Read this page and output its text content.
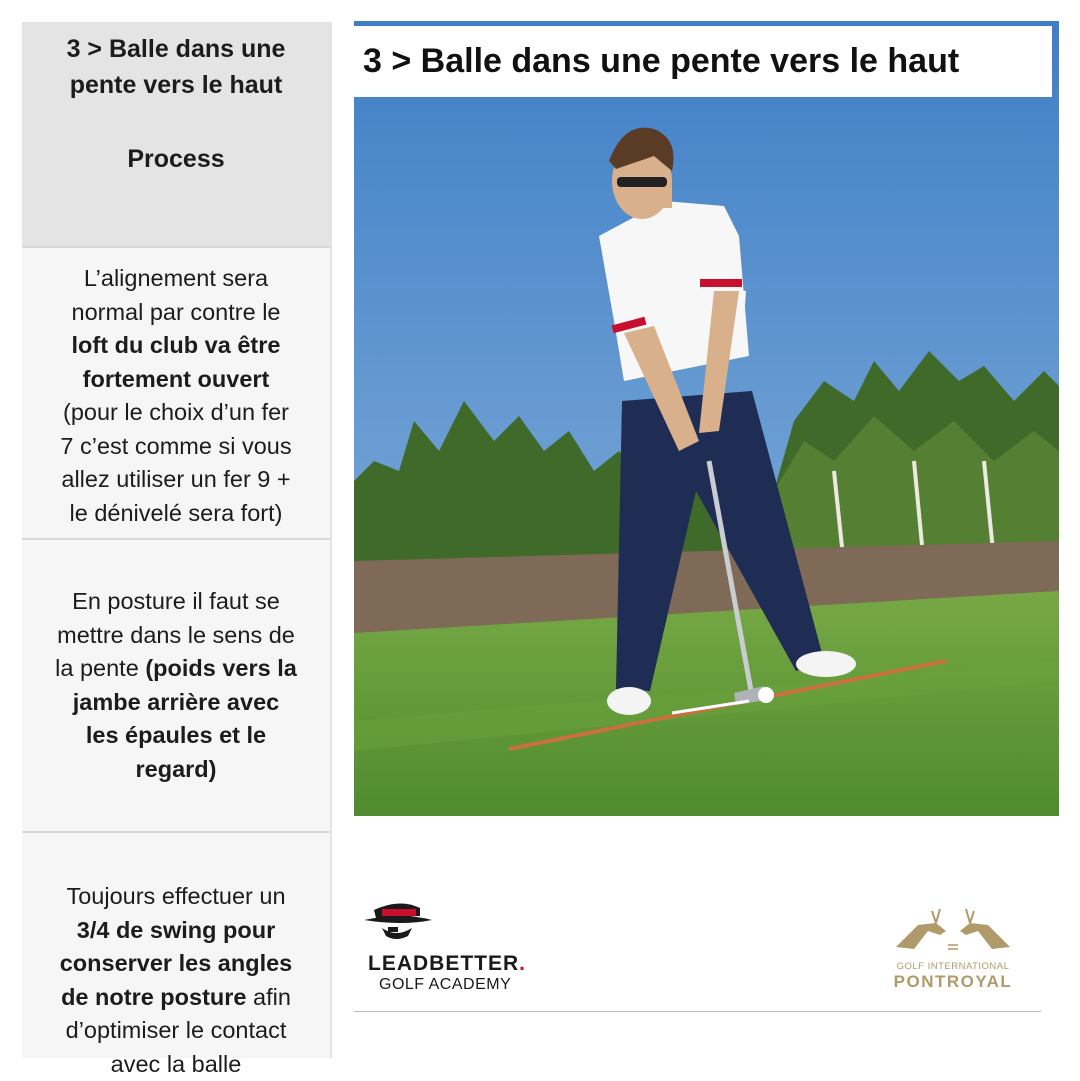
3 > Balle dans une
pente vers le haut
Process
L’alignement sera
normal par contre le
loft du club va être
fortement ouvert
(pour le choix d’un fer
7 c’est comme si vous
allez utiliser un fer 9 +
le dénivelé sera fort)
En posture il faut se
mettre dans le sens de
la pente (poids vers la
jambe arrière avec
les épaules et le
regard)
Toujours effectuer un
3/4 de swing pour
conserver les angles
de notre posture afin
d’optimiser le contact
avec la balle
3 > Balle dans une pente vers le haut
LEADBETTER.
GOLF ACADEMY
GOLF INTERNATIONAL
PONTROYAL
